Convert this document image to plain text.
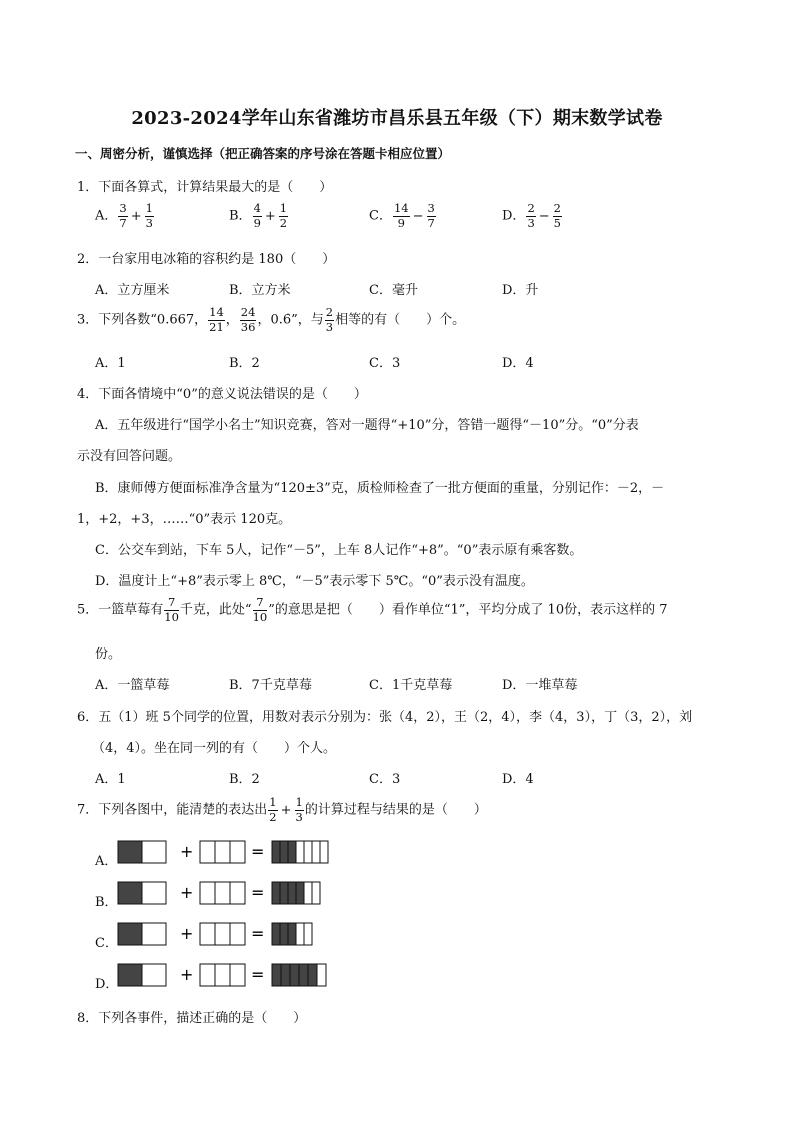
2023-2024学年山东省潍坊市昌乐县五年级（下）期末数学试卷
一、周密分析，谨慎选择（把正确答案的序号涂在答题卡相应位置）
1．下面各算式，计算结果最大的是（　　）
A． $\frac{3}{7} + \frac{1}{3}$	B． $\frac{4}{9} + \frac{1}{2}$	C． $\frac{14}{9} - \frac{3}{7}$	D． $\frac{2}{3} - \frac{2}{5}$
2．一台家用电冰箱的容积约是 180（　　）
A．立方厘米	B．立方米	C．毫升	D．升
3．下列各数“0.667， $\frac{14}{21}$ ， $\frac{24}{36}$ ，0.6̇”，与 $\frac{2}{3}$ 相等的有（　　）个。
A．1	B．2	C．3	D．4
4．下面各情境中“0”的意义说法错误的是（　　）
A．五年级进行“国学小名士”知识竞赛，答对一题得“+10”分，答错一题得“－10”分。“0”分表
示没有回答问题。
B．康师傅方便面标准净含量为“120±3”克，质检师检查了一批方便面的重量，分别记作：－2，－
1，+2，+3，……“0”表示 120克。
C．公交车到站，下车 5人，记作“－5”，上车 8人记作“+8”。“0”表示原有乘客数。
D．温度计上“+8”表示零上 8℃，“－5”表示零下 5℃。“0”表示没有温度。
5．一篮草莓有 $\frac{7}{10}$ 千克，此处“ $\frac{7}{10}$ ”的意思是把（　　）看作单位“1”，平均分成了 10份，表示这样的 7
份。
A．一篮草莓	B．7千克草莓	C．1千克草莓	D．一堆草莓
6．五（1）班 5个同学的位置，用数对表示分别为：张（4，2），王（2，4），李（4，3），丁（3，2），刘
（4，4）。坐在同一列的有（　　）个人。
A．1	B．2	C．3	D．4
7．下列各图中，能清楚的表达出 $\frac{1}{2} + \frac{1}{3}$ 的计算过程与结果的是（　　）
A．
+	=
B．
+	=
C．
+	=
D．
+	=
8．下列各事件，描述正确的是（　　）
